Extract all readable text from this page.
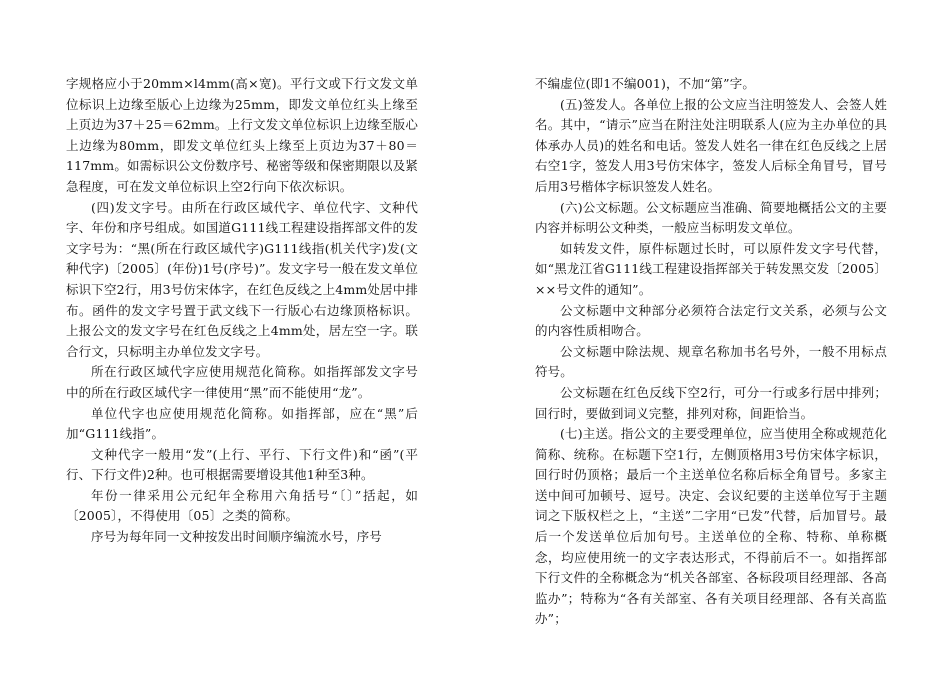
字规格应小于20mm×l4mm(高×宽)。平行文或下行文发文单位标识上边缘至版心上边缘为25mm，即发文单位红头上缘至上页边为37＋25＝62mm。上行文发文单位标识上边缘至版心上边缘为80mm，即发文单位红头上缘至上页边为37＋80＝117mm。如需标识公文份数序号、秘密等级和保密期限以及紧急程度，可在发文单位标识上空2行向下依次标识。

(四)发文字号。由所在行政区域代字、单位代字、文种代字、年份和序号组成。如国道G111线工程建设指挥部文件的发文字号为：“黑(所在行政区域代字)G111线指(机关代字)发(文种代字)〔2005〕(年份)1号(序号)”。发文字号一般在发文单位标识下空2行，用3号仿宋体字，在红色反线之上4mm处居中排布。函件的发文字号置于武文线下一行版心右边缘顶格标识。上报公文的发文字号在红色反线之上4mm处，居左空一字。联合行文，只标明主办单位发文字号。

所在行政区域代字应使用规范化简称。如指挥部发文字号中的所在行政区域代字一律使用“黑”而不能使用“龙”。

单位代字也应使用规范化简称。如指挥部，应在“黑”后加“G111线指”。

文种代字一般用“发”(上行、平行、下行文件)和“函”(平行、下行文件)2种。也可根据需要增设其他1种至3种。

年份一律采用公元纪年全称用六角括号“〔〕”括起，如〔2005〕，不得使用〔05〕之类的简称。

序号为每年同一文种按发出时间顺序编流水号，序号

不编虚位(即1不编001)，不加“第”字。

(五)签发人。各单位上报的公文应当注明签发人、会签人姓名。其中，“请示”应当在附注处注明联系人(应为主办单位的具体承办人员)的姓名和电话。签发人姓名一律在红色反线之上居右空1字，签发人用3号仿宋体字，签发人后标全角冒号，冒号后用3号楷体字标识签发人姓名。

(六)公文标题。公文标题应当准确、简要地概括公文的主要内容并标明公文种类，一般应当标明发文单位。

如转发文件，原件标题过长时，可以原件发文字号代替，如“黑龙江省G111线工程建设指挥部关于转发黑交发〔2005〕××号文件的通知”。

公文标题中文种部分必须符合法定行文关系，必须与公文的内容性质相吻合。

公文标题中除法规、规章名称加书名号外，一般不用标点符号。

公文标题在红色反线下空2行，可分一行或多行居中排列；回行时，要做到词义完整，排列对称，间距恰当。

(七)主送。指公文的主要受理单位，应当使用全称或规范化简称、统称。在标题下空1行，左侧顶格用3号仿宋体字标识，回行时仍顶格；最后一个主送单位名称后标全角冒号。多家主送中间可加顿号、逗号。决定、会议纪要的主送单位写于主题词之下版权栏之上，“主送”二字用“已发”代替，后加冒号。最后一个发送单位后加句号。主送单位的全称、特称、单称概念，均应使用统一的文字表达形式，不得前后不一。如指挥部下行文件的全称概念为“机关各部室、各标段项目经理部、各高监办”；特称为“各有关部室、各有关项目经理部、各有关高监办”；
